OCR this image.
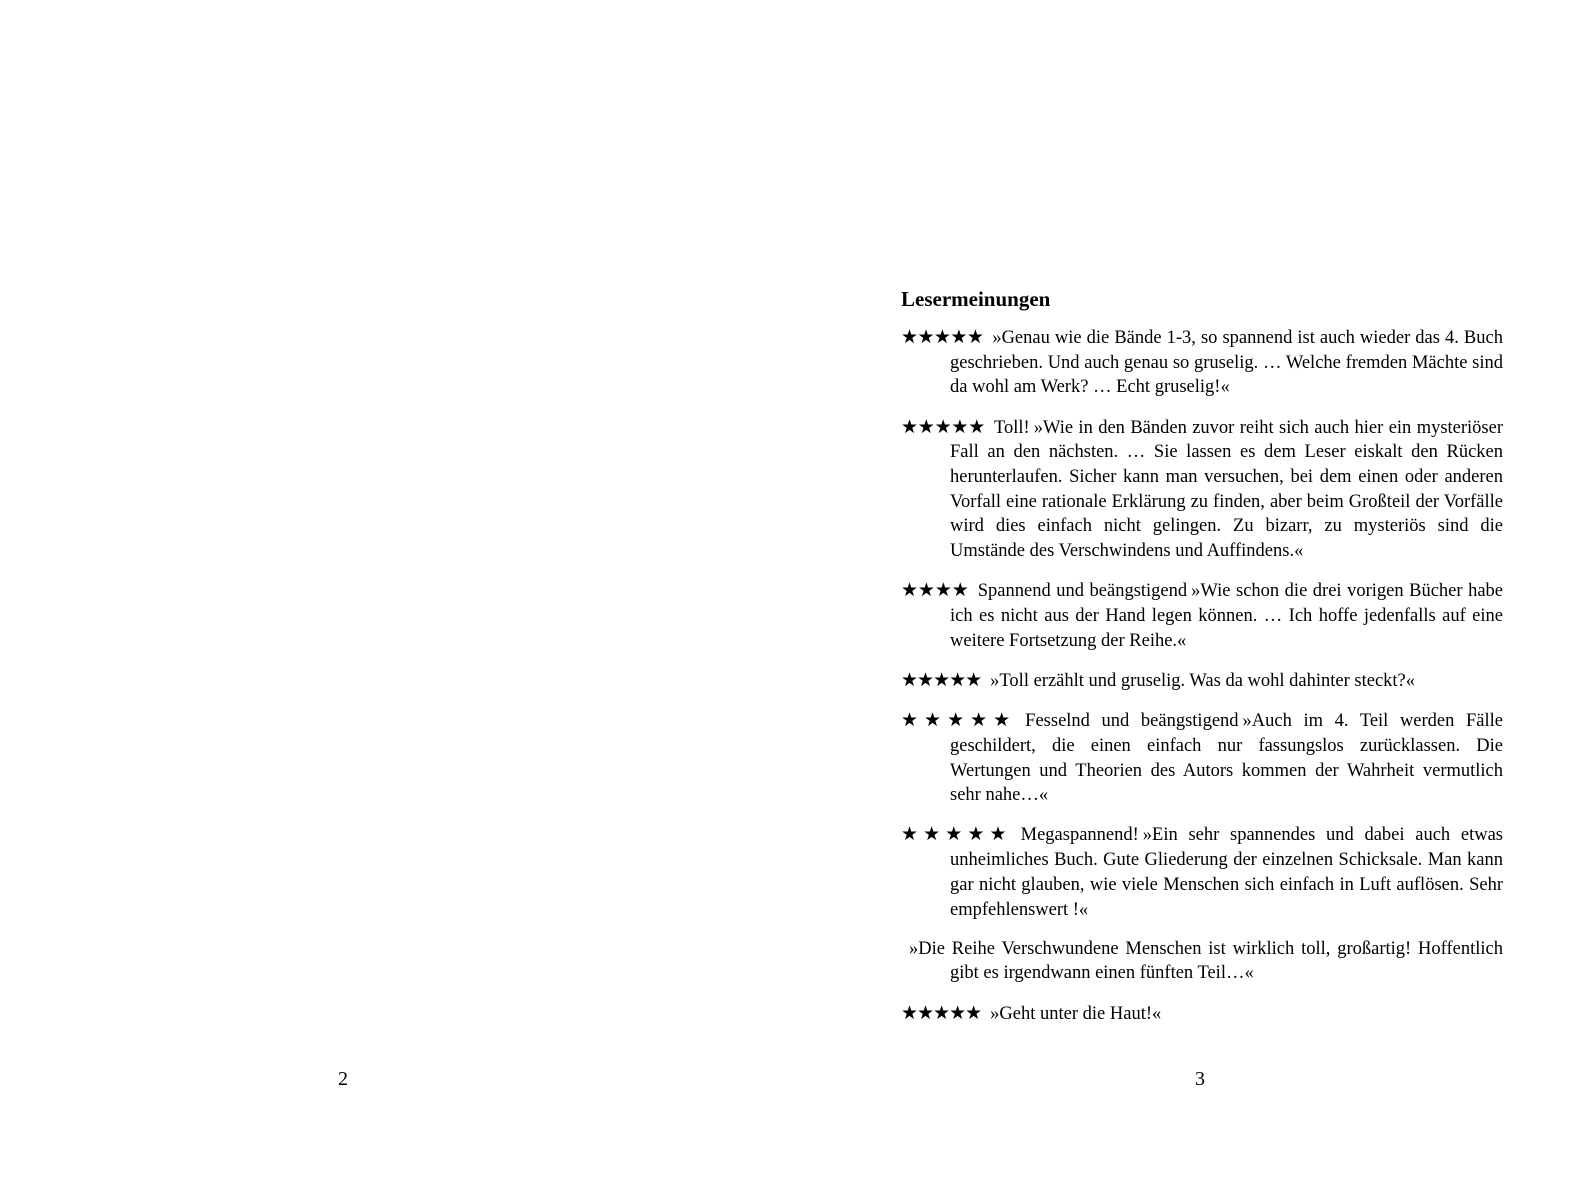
2
Lesermeinungen

★★★★★ »Genau wie die Bände 1-3, so spannend ist auch wieder das 4. Buch geschrieben. Und auch genau so gruselig. … Welche fremden Mächte sind da wohl am Werk? … Echt gruselig!«

★★★★★ Toll! »Wie in den Bänden zuvor reiht sich auch hier ein mysteriöser Fall an den nächsten. … Sie lassen es dem Leser eiskalt den Rücken herunterlaufen. Sicher kann man versuchen, bei dem einen oder anderen Vorfall eine rationale Erklärung zu finden, aber beim Großteil der Vorfälle wird dies einfach nicht gelingen. Zu bizarr, zu mysteriös sind die Umstände des Verschwindens und Auffindens.«

★★★★ Spannend und beängstigend »Wie schon die drei vorigen Bücher habe ich es nicht aus der Hand legen können. … Ich hoffe jedenfalls auf eine weitere Fortsetzung der Reihe.«

★★★★★ »Toll erzählt und gruselig. Was da wohl dahinter steckt?«

★★★★★ Fesselnd und beängstigend »Auch im 4. Teil werden Fälle geschildert, die einen einfach nur fassungslos zurücklassen. Die Wertungen und Theorien des Autors kommen der Wahrheit vermutlich sehr nahe…«

★★★★★ Megaspannend! »Ein sehr spannendes und dabei auch etwas unheimliches Buch. Gute Gliederung der einzelnen Schicksale. Man kann gar nicht glauben, wie viele Menschen sich einfach in Luft auflösen. Sehr empfehlenswert !«

»Die Reihe Verschwundene Menschen ist wirklich toll, großartig! Hoffentlich gibt es irgendwann einen fünften Teil…«

★★★★★ »Geht unter die Haut!«

3
